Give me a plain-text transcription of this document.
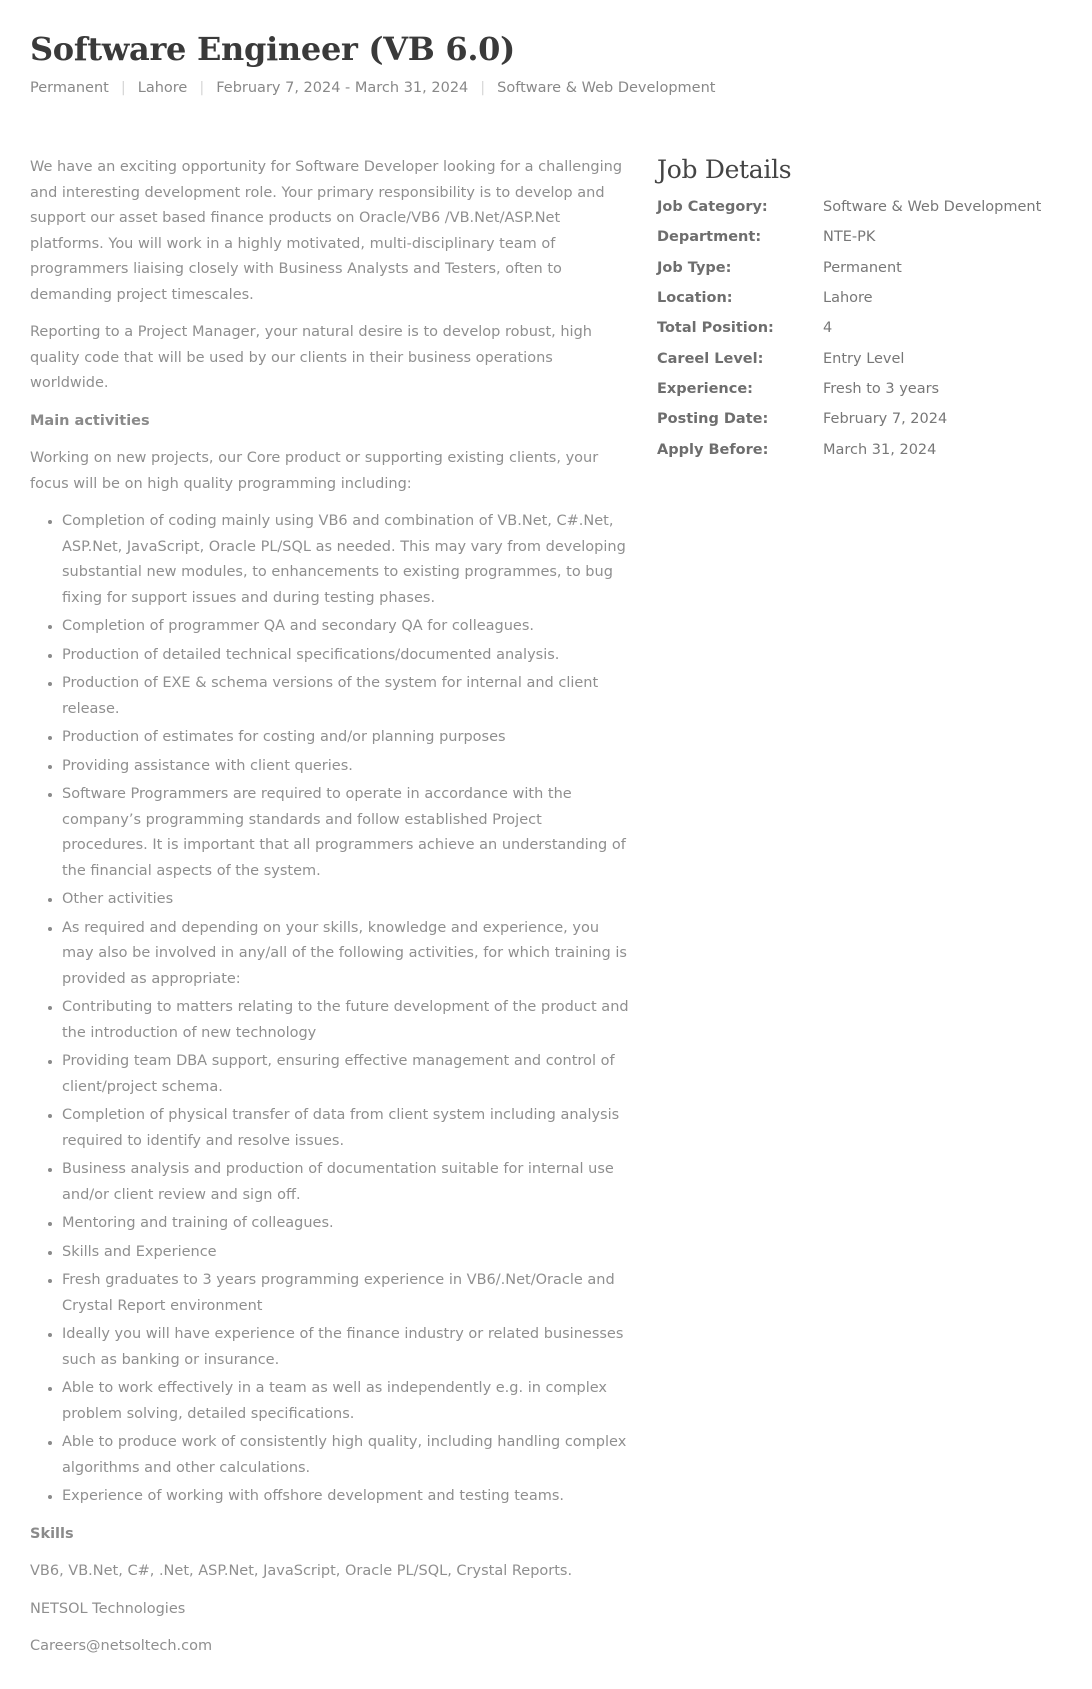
Software Engineer (VB 6.0)
Permanent | Lahore | February 7, 2024 - March 31, 2024 | Software & Web Development

We have an exciting opportunity for Software Developer looking for a challenging and interesting development role. Your primary responsibility is to develop and support our asset based finance products on Oracle/VB6 /VB.Net/ASP.Net platforms. You will work in a highly motivated, multi-disciplinary team of programmers liaising closely with Business Analysts and Testers, often to demanding project timescales.

Reporting to a Project Manager, your natural desire is to develop robust, high quality code that will be used by our clients in their business operations worldwide.

Main activities

Working on new projects, our Core product or supporting existing clients, your focus will be on high quality programming including:

• Completion of coding mainly using VB6 and combination of VB.Net, C#.Net, ASP.Net, JavaScript, Oracle PL/SQL as needed. This may vary from developing substantial new modules, to enhancements to existing programmes, to bug fixing for support issues and during testing phases.
• Completion of programmer QA and secondary QA for colleagues.
• Production of detailed technical specifications/documented analysis.
• Production of EXE & schema versions of the system for internal and client release.
• Production of estimates for costing and/or planning purposes
• Providing assistance with client queries.
• Software Programmers are required to operate in accordance with the company’s programming standards and follow established Project procedures. It is important that all programmers achieve an understanding of the financial aspects of the system.
• Other activities
• As required and depending on your skills, knowledge and experience, you may also be involved in any/all of the following activities, for which training is provided as appropriate:
• Contributing to matters relating to the future development of the product and the introduction of new technology
• Providing team DBA support, ensuring effective management and control of client/project schema.
• Completion of physical transfer of data from client system including analysis required to identify and resolve issues.
• Business analysis and production of documentation suitable for internal use and/or client review and sign off.
• Mentoring and training of colleagues.
• Skills and Experience
• Fresh graduates to 3 years programming experience in VB6/.Net/Oracle and Crystal Report environment
• Ideally you will have experience of the finance industry or related businesses such as banking or insurance.
• Able to work effectively in a team as well as independently e.g. in complex problem solving, detailed specifications.
• Able to produce work of consistently high quality, including handling complex algorithms and other calculations.
• Experience of working with offshore development and testing teams.
Skills

VB6, VB.Net, C#, .Net, ASP.Net, JavaScript, Oracle PL/SQL, Crystal Reports.

NETSOL Technologies

Careers@netsoltech.com

Job Details
Job Category:	Software & Web Development
Department:	NTE-PK
Job Type:	Permanent
Location:	Lahore
Total Position:	4
Careel Level:	Entry Level
Experience:	Fresh to 3 years
Posting Date:	February 7, 2024
Apply Before:	March 31, 2024
